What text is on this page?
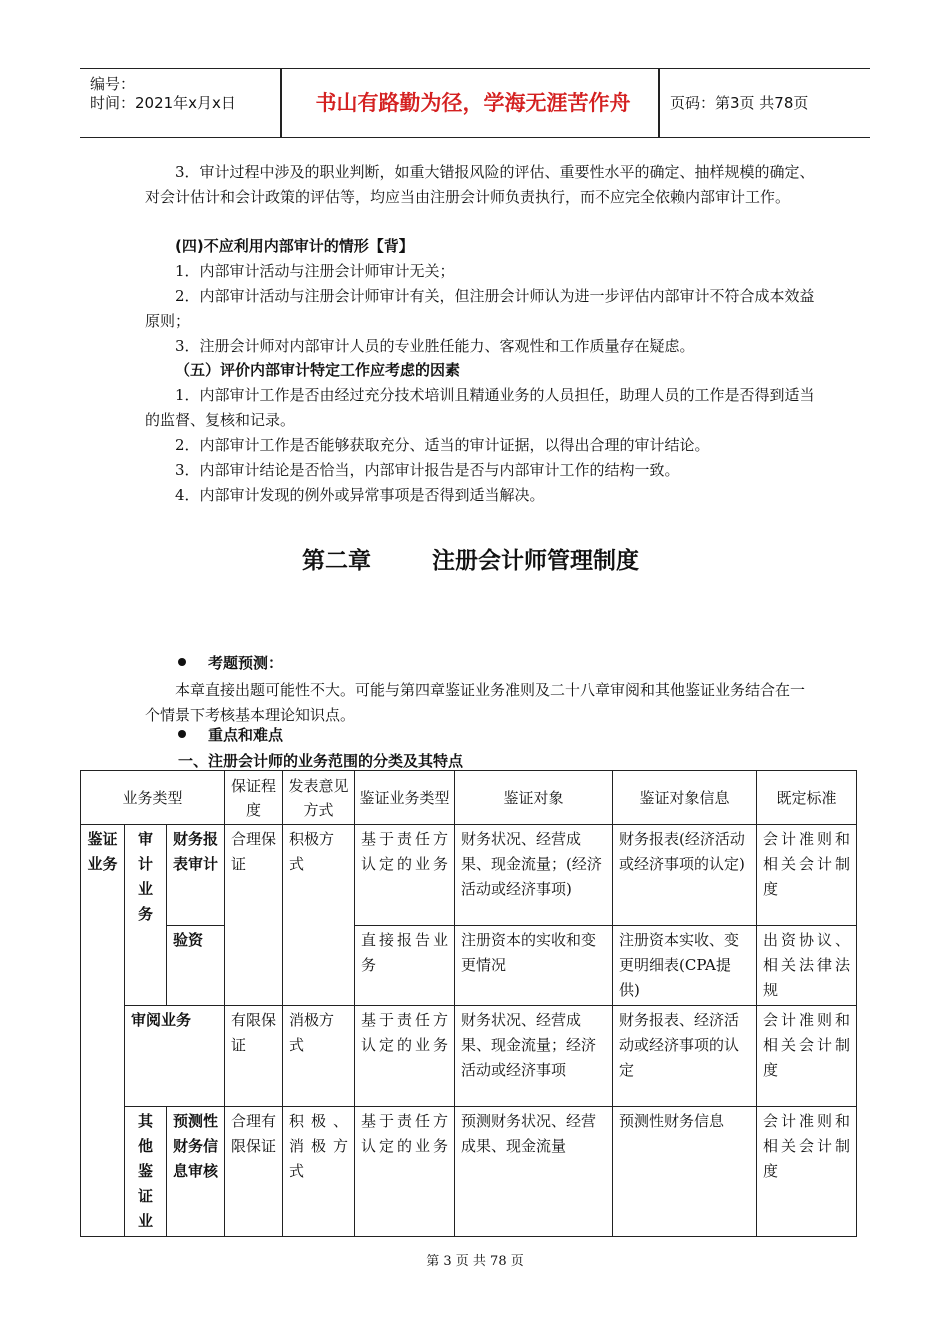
编号：
时间：2021年x月x日	书山有路勤为径，学海无涯苦作舟	页码：第3页 共78页

3．审计过程中涉及的职业判断，如重大错报风险的评估、重要性水平的确定、抽样规模的确定、对会计估计和会计政策的评估等，均应当由注册会计师负责执行，而不应完全依赖内部审计工作。

(四)不应利用内部审计的情形【背】

1．内部审计活动与注册会计师审计无关；

2．内部审计活动与注册会计师审计有关，但注册会计师认为进一步评估内部审计不符合成本效益原则；

3．注册会计师对内部审计人员的专业胜任能力、客观性和工作质量存在疑虑。

（五）评价内部审计特定工作应考虑的因素

1．内部审计工作是否由经过充分技术培训且精通业务的人员担任，助理人员的工作是否得到适当的监督、复核和记录。

2．内部审计工作是否能够获取充分、适当的审计证据，以得出合理的审计结论。

3．内部审计结论是否恰当，内部审计报告是否与内部审计工作的结构一致。

4．内部审计发现的例外或异常事项是否得到适当解决。

第二章	注册会计师管理制度
考题预测：

本章直接出题可能性不大。可能与第四章鉴证业务准则及二十八章审阅和其他鉴证业务结合在一个情景下考核基本理论知识点。

重点和难点

一、注册会计师的业务范围的分类及其特点

业务类型			保证程度	发表意见方式	鉴证业务类型	鉴证对象	鉴证对象信息	既定标准
鉴证业务	审计业务	财务报表审计	合理保证	积极方式	基于责任方认定的业务	财务状况、经营成果、现金流量；(经济活动或经济事项)	财务报表(经济活动或经济事项的认定)	会计准则和相关会计制度
		验资			直接报告业务	注册资本的实收和变更情况	注册资本实收、变更明细表(CPA提供)	出资协议、相关法律法规
	审阅业务		有限保证	消极方式	基于责任方认定的业务	财务状况、经营成果、现金流量；经济活动或经济事项	财务报表、经济活动或经济事项的认定	会计准则和相关会计制度
	其他鉴证业	预测性财务信息审核	合理有限保证	积极、消极方式	基于责任方认定的业务	预测财务状况、经营成果、现金流量	预测性财务信息	会计准则和相关会计制度
第 3 页 共 78 页
